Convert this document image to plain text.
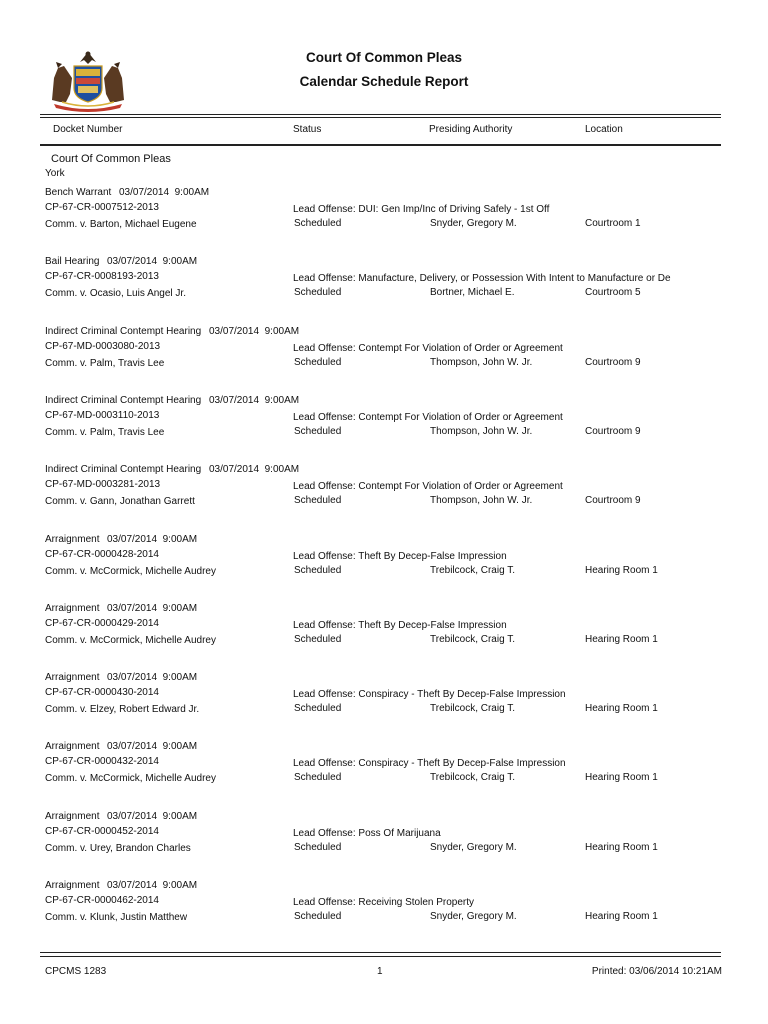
Court Of Common Pleas
Calendar Schedule Report
Docket Number	Status	Presiding Authority	Location
Court Of Common Pleas
York
Bench Warrant 03/07/2014  9:00AM
CP-67-CR-0007512-2013	Lead Offense: DUI: Gen Imp/Inc of Driving Safely - 1st Off
Comm. v. Barton, Michael Eugene	Scheduled	Snyder, Gregory M.	Courtroom 1
Bail Hearing 03/07/2014  9:00AM
CP-67-CR-0008193-2013	Lead Offense: Manufacture, Delivery, or Possession With Intent to Manufacture or De
Comm. v. Ocasio, Luis Angel Jr.	Scheduled	Bortner, Michael E.	Courtroom 5
Indirect Criminal Contempt Hearing 03/07/2014  9:00AM
CP-67-MD-0003080-2013	Lead Offense: Contempt For Violation of Order or Agreement
Comm. v. Palm, Travis Lee	Scheduled	Thompson, John W. Jr.	Courtroom 9
Indirect Criminal Contempt Hearing 03/07/2014  9:00AM
CP-67-MD-0003110-2013	Lead Offense: Contempt For Violation of Order or Agreement
Comm. v. Palm, Travis Lee	Scheduled	Thompson, John W. Jr.	Courtroom 9
Indirect Criminal Contempt Hearing 03/07/2014  9:00AM
CP-67-MD-0003281-2013	Lead Offense: Contempt For Violation of Order or Agreement
Comm. v. Gann, Jonathan Garrett	Scheduled	Thompson, John W. Jr.	Courtroom 9
Arraignment 03/07/2014  9:00AM
CP-67-CR-0000428-2014	Lead Offense: Theft By Decep-False Impression
Comm. v. McCormick, Michelle Audrey	Scheduled	Trebilcock, Craig T.	Hearing Room 1
Arraignment 03/07/2014  9:00AM
CP-67-CR-0000429-2014	Lead Offense: Theft By Decep-False Impression
Comm. v. McCormick, Michelle Audrey	Scheduled	Trebilcock, Craig T.	Hearing Room 1
Arraignment 03/07/2014  9:00AM
CP-67-CR-0000430-2014	Lead Offense: Conspiracy - Theft By Decep-False Impression
Comm. v. Elzey, Robert Edward Jr.	Scheduled	Trebilcock, Craig T.	Hearing Room 1
Arraignment 03/07/2014  9:00AM
CP-67-CR-0000432-2014	Lead Offense: Conspiracy - Theft By Decep-False Impression
Comm. v. McCormick, Michelle Audrey	Scheduled	Trebilcock, Craig T.	Hearing Room 1
Arraignment 03/07/2014  9:00AM
CP-67-CR-0000452-2014	Lead Offense: Poss Of Marijuana
Comm. v. Urey, Brandon Charles	Scheduled	Snyder, Gregory M.	Hearing Room 1
Arraignment 03/07/2014  9:00AM
CP-67-CR-0000462-2014	Lead Offense: Receiving Stolen Property
Comm. v. Klunk, Justin Matthew	Scheduled	Snyder, Gregory M.	Hearing Room 1
CPCMS 1283	1	Printed: 03/06/2014 10:21AM
